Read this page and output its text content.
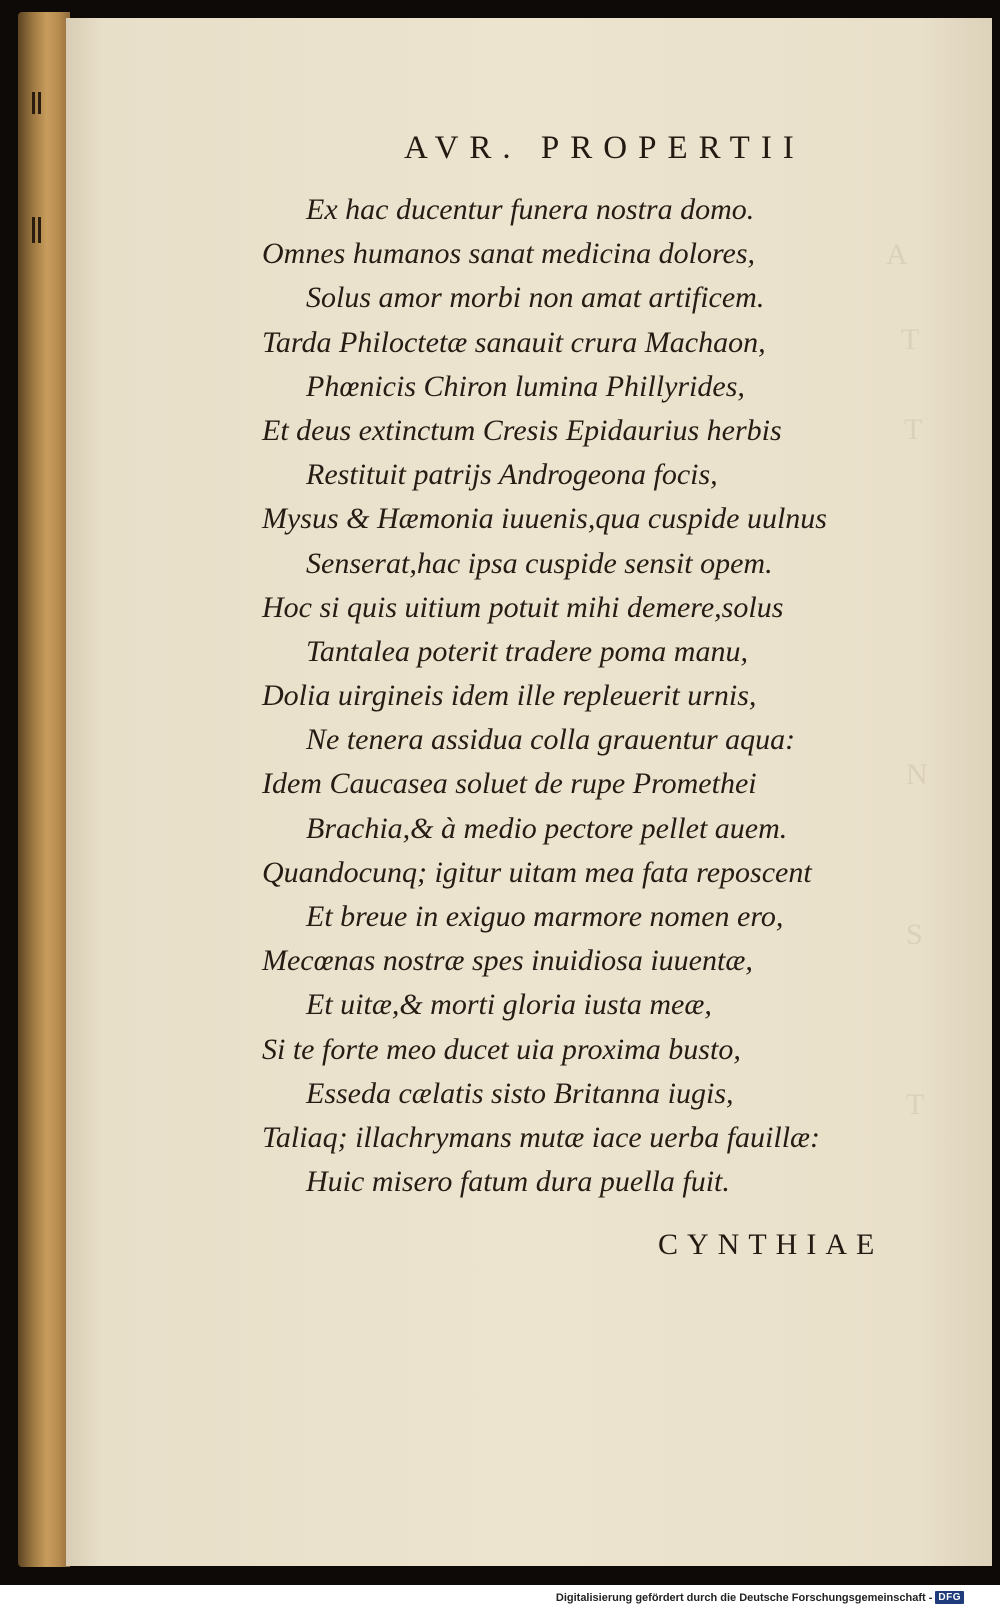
A
T
T
N
S
T
AVR. PROPERTII
Ex hac ducentur funera nostra domo.
Omnes humanos sanat medicina dolores,
Solus amor morbi non amat artificem.
Tarda Philoctetæ sanauit crura Machaon,
Phœnicis Chiron lumina Phillyrides,
Et deus extinctum Cresis Epidaurius herbis
Restituit patrijs Androgeona focis,
Mysus & Hæmonia iuuenis,qua cuspide uulnus
Senserat,hac ipsa cuspide sensit opem.
Hoc si quis uitium potuit mihi demere,solus
Tantalea poterit tradere poma manu,
Dolia uirgineis idem ille repleuerit urnis,
Ne tenera assidua colla grauentur aqua:
Idem Caucasea soluet de rupe Promethei
Brachia,& à medio pectore pellet auem.
Quandocunq; igitur uitam mea fata reposcent
Et breue in exiguo marmore nomen ero,
Mecœnas nostræ spes inuidiosa iuuentæ,
Et uitæ,& morti gloria iusta meæ,
Si te forte meo ducet uia proxima busto,
Essedа cælatis sisto Britanna iugis,
Taliaq; illachrymans mutæ iace uerba fauillæ:
Huic misero fatum dura puella fuit.

CYNTHIAE

Digitalisierung gefördert durch die Deutsche Forschungsgemeinschaft - DFG
